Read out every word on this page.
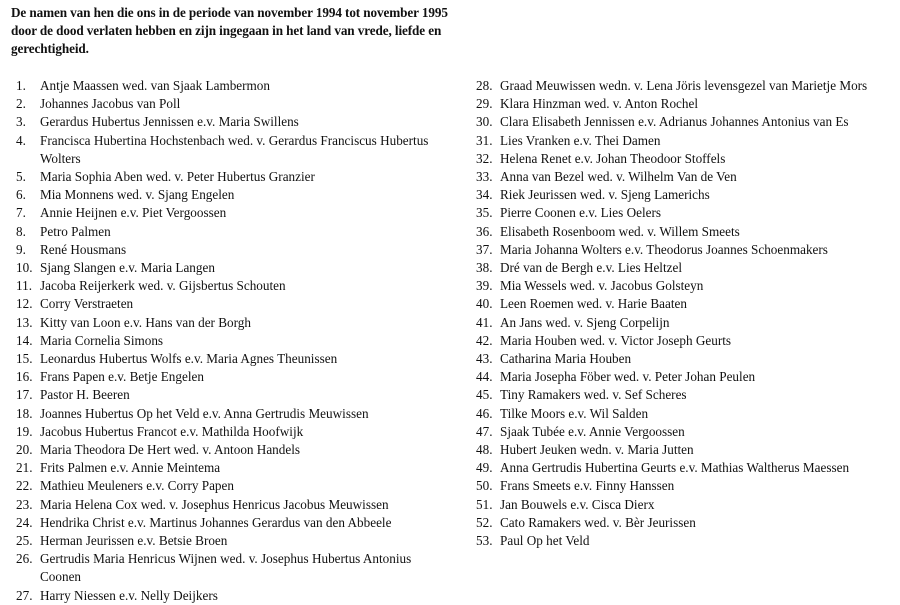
De namen van hen die ons in de periode van november 1994 tot november 1995 door de dood verlaten hebben en zijn ingegaan in het land van vrede, liefde en gerechtigheid.
1.	Antje Maassen wed. van Sjaak Lambermon
2.	Johannes Jacobus van Poll
3.	Gerardus Hubertus Jennissen e.v. Maria Swillens
4.	Francisca Hubertina Hochstenbach wed. v. Gerardus Franciscus Hubertus Wolters
5.	Maria Sophia Aben wed. v. Peter Hubertus Granzier
6.	Mia Monnens wed. v. Sjang Engelen
7.	Annie Heijnen e.v. Piet Vergoossen
8.	Petro Palmen
9.	René Housmans
10. Sjang Slangen e.v. Maria Langen
11. Jacoba Reijerkerk wed. v. Gijsbertus Schouten
12. Corry Verstraeten
13. Kitty van Loon e.v. Hans van der Borgh
14. Maria Cornelia Simons
15. Leonardus Hubertus Wolfs e.v. Maria Agnes Theunissen
16. Frans Papen e.v. Betje Engelen
17. Pastor H. Beeren
18. Joannes Hubertus Op het Veld e.v. Anna Gertrudis Meuwissen
19. Jacobus Hubertus Francot e.v. Mathilda Hoofwijk
20. Maria Theodora De Hert wed. v. Antoon Handels
21. Frits Palmen e.v. Annie Meintema
22. Mathieu Meuleners e.v. Corry Papen
23. Maria Helena Cox wed. v. Josephus Henricus Jacobus Meuwissen
24. Hendrika Christ e.v. Martinus Johannes Gerardus van den Abbeele
25. Herman Jeurissen e.v. Betsie Broen
26. Gertrudis Maria Henricus Wijnen wed. v. Josephus Hubertus Antonius Coonen
27. Harry Niessen e.v. Nelly Deijkers
28. Graad Meuwissen wedn. v. Lena Jöris levensgezel van Marietje Mors
29. Klara Hinzman wed. v. Anton Rochel
30. Clara Elisabeth Jennissen e.v. Adrianus Johannes Antonius van Es
31. Lies Vranken e.v. Thei Damen
32. Helena Renet e.v. Johan Theodoor Stoffels
33. Anna van Bezel wed. v. Wilhelm Van de Ven
34. Riek Jeurissen wed. v. Sjeng Lamerichs
35. Pierre Coonen e.v. Lies Oelers
36. Elisabeth Rosenboom wed. v. Willem Smeets
37. Maria Johanna Wolters e.v. Theodorus Joannes Schoenmakers
38. Dré van de Bergh e.v. Lies Heltzel
39. Mia Wessels wed. v. Jacobus Golsteyn
40. Leen Roemen wed. v. Harie Baaten
41. An Jans wed. v. Sjeng Corpelijn
42. Maria Houben wed. v. Victor Joseph Geurts
43. Catharina Maria Houben
44. Maria Josepha Föber wed. v. Peter Johan Peulen
45. Tiny Ramakers wed. v. Sef Scheres
46. Tilke Moors e.v. Wil Salden
47. Sjaak Tubée e.v. Annie Vergoossen
48. Hubert Jeuken wedn. v. Maria Jutten
49. Anna Gertrudis Hubertina Geurts e.v. Mathias Waltherus Maessen
50. Frans Smeets e.v. Finny Hanssen
51. Jan Bouwels e.v. Cisca Dierx
52. Cato Ramakers wed. v. Bèr Jeurissen
53. Paul Op het Veld
